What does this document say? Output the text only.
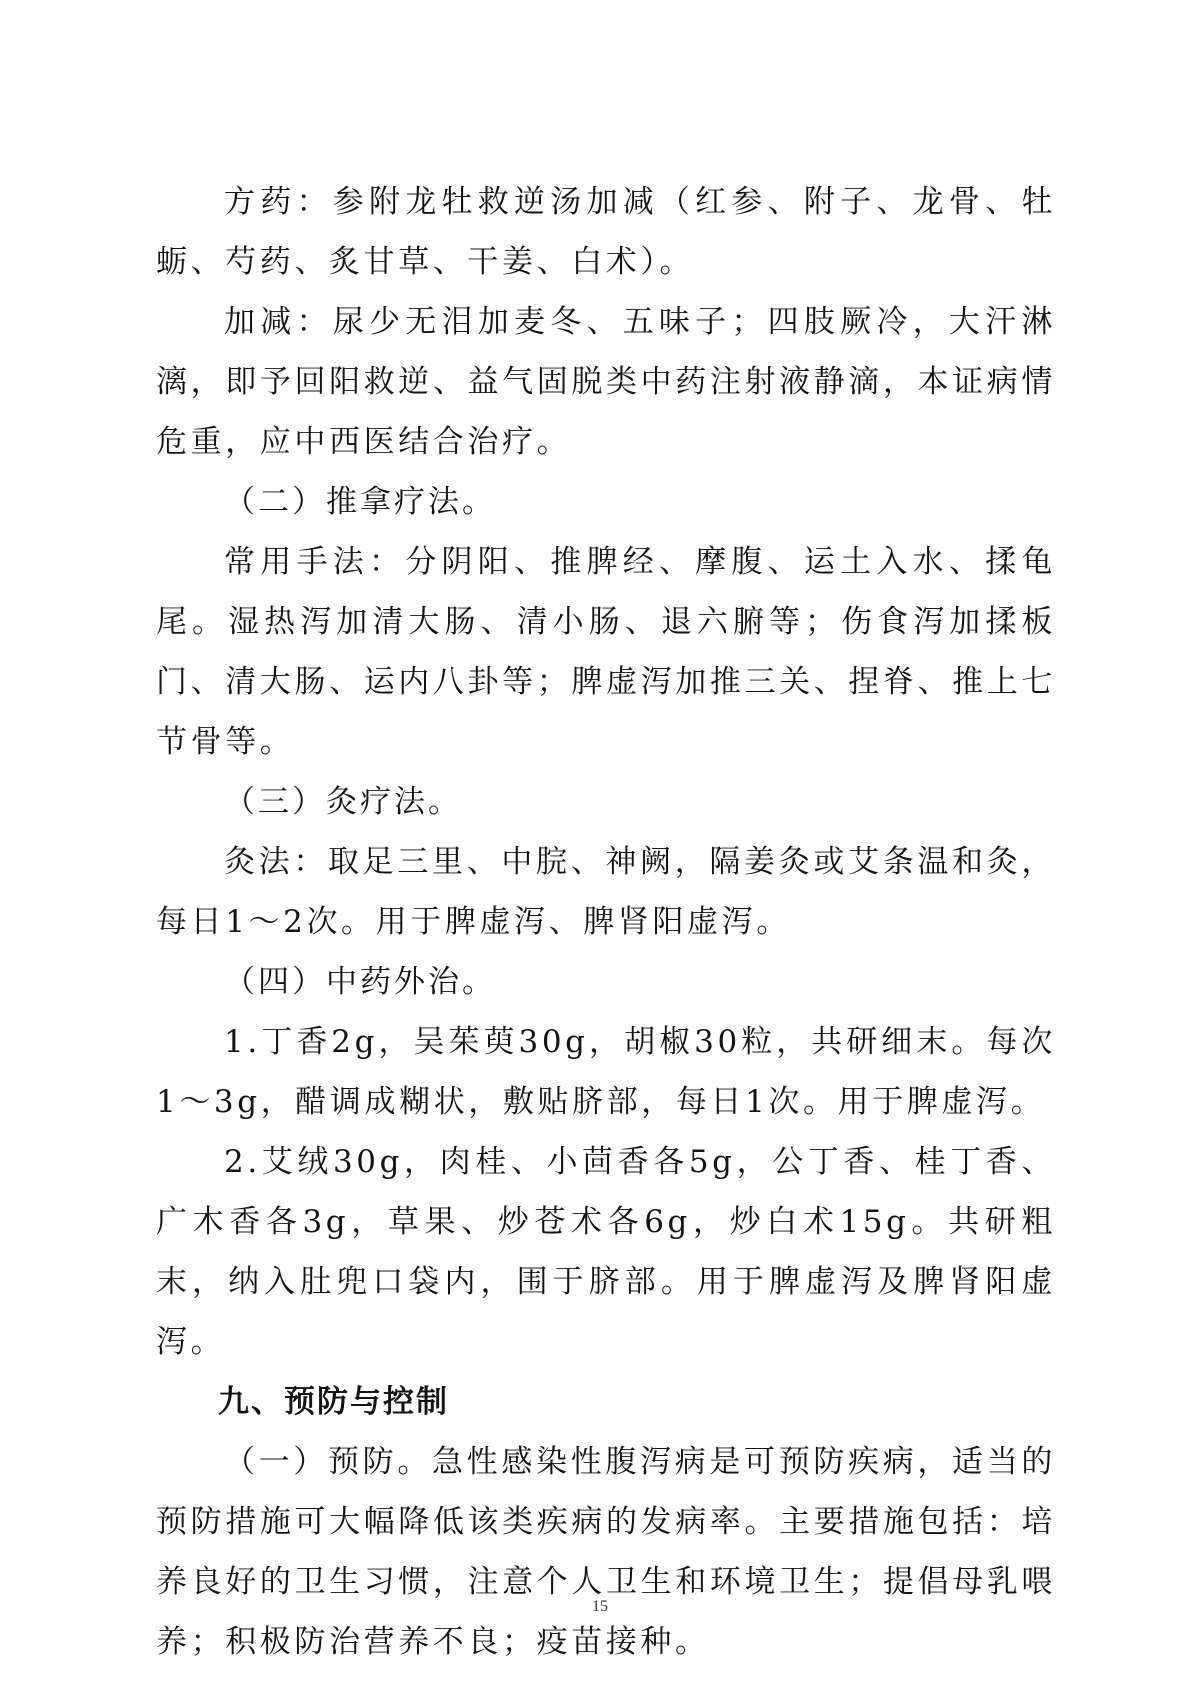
方药：参附龙牡救逆汤加减（红参、附子、龙骨、牡蛎、芍药、炙甘草、干姜、白术）。

加减：尿少无泪加麦冬、五味子；四肢厥冷，大汗淋漓，即予回阳救逆、益气固脱类中药注射液静滴，本证病情危重，应中西医结合治疗。

（二）推拿疗法。

常用手法：分阴阳、推脾经、摩腹、运土入水、揉龟尾。湿热泻加清大肠、清小肠、退六腑等；伤食泻加揉板门、清大肠、运内八卦等；脾虚泻加推三关、捏脊、推上七节骨等。

（三）灸疗法。

灸法：取足三里、中脘、神阙，隔姜灸或艾条温和灸，每日1～2次。用于脾虚泻、脾肾阳虚泻。

（四）中药外治。

1.丁香2g，吴茱萸30g，胡椒30粒，共研细末。每次1～3g，醋调成糊状，敷贴脐部，每日1次。用于脾虚泻。

2.艾绒30g，肉桂、小茴香各5g，公丁香、桂丁香、广木香各3g，草果、炒苍术各6g，炒白术15g。共研粗末，纳入肚兜口袋内，围于脐部。用于脾虚泻及脾肾阳虚泻。

九、预防与控制

（一）预防。急性感染性腹泻病是可预防疾病，适当的预防措施可大幅降低该类疾病的发病率。主要措施包括：培养良好的卫生习惯，注意个人卫生和环境卫生；提倡母乳喂养；积极防治营养不良；疫苗接种。

15
